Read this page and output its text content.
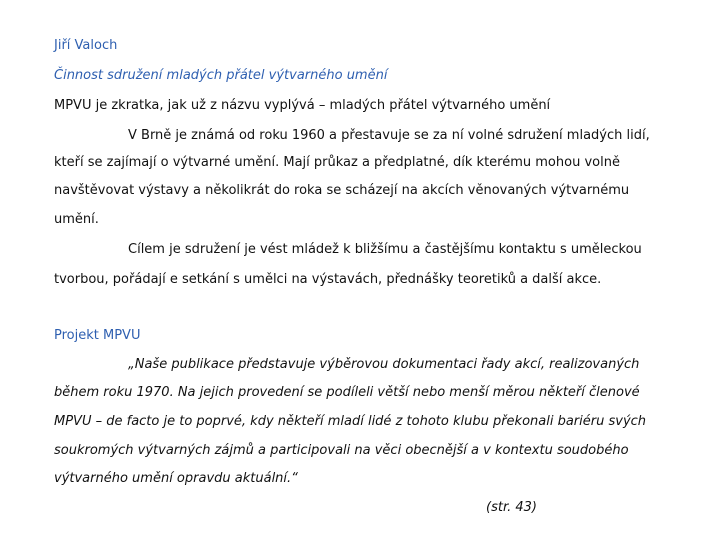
Jiří Valoch
Činnost sdružení mladých přátel výtvarného umění
MPVU je zkratka, jak už z názvu vyplývá – mladých přátel výtvarného umění
V Brně je známá od roku 1960 a přestavuje se za ní volné sdružení mladých lidí,
kteří se zajímají o výtvarné umění. Mají průkaz a předplatné, dík kterému mohou volně
navštěvovat výstavy a několikrát do roka se scházejí na akcích věnovaných výtvarnému
umění.
Cílem je sdružení je vést mládež k bližšímu a častějšímu kontaktu s uměleckou
tvorbou, pořádají e setkání s umělci na výstavách, přednášky teoretiků a další akce.
Projekt MPVU
„Naše publikace představuje výběrovou dokumentaci řady akcí, realizovaných
během roku 1970. Na jejich provedení se podíleli větší nebo menší měrou někteří členové
MPVU – de facto je to poprvé, kdy někteří mladí lidé z tohoto klubu překonali bariéru svých
soukromých výtvarných zájmů a participovali na věci obecnější a v kontextu soudobého
výtvarného umění opravdu aktuální.“
(str. 43)
